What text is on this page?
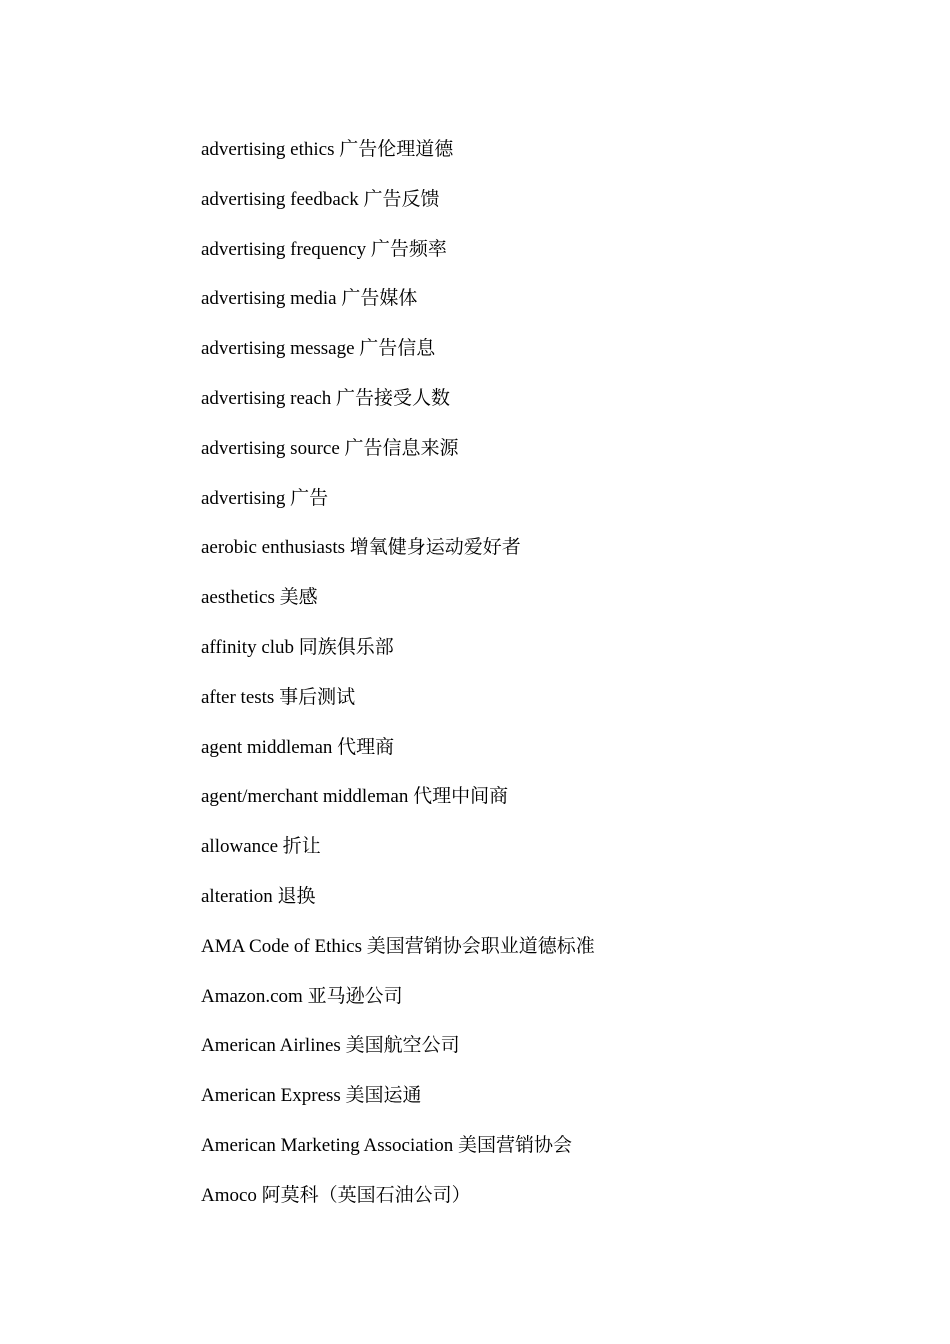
advertising ethics 广告伦理道德
advertising feedback 广告反馈
advertising frequency 广告频率
advertising media 广告媒体
advertising message 广告信息
advertising reach 广告接受人数
advertising source 广告信息来源
advertising 广告
aerobic enthusiasts 增氧健身运动爱好者
aesthetics 美感
affinity club 同族俱乐部
after tests 事后测试
agent middleman 代理商
agent/merchant middleman 代理中间商
allowance 折让
alteration 退换
AMA Code of Ethics 美国营销协会职业道德标准
Amazon.com 亚马逊公司
American Airlines 美国航空公司
American Express 美国运通
American Marketing Association 美国营销协会
Amoco 阿莫科（英国石油公司）
